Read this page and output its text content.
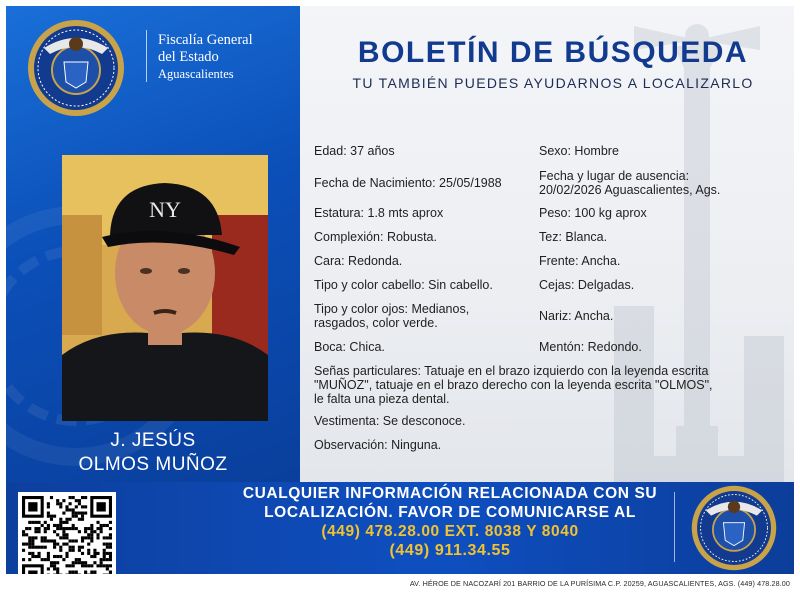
Fiscalía General
del Estado
Aguascalientes
BOLETÍN DE BÚSQUEDA
TU TAMBIÉN PUEDES AYUDARNOS A LOCALIZARLO
NY
J. JESÚS
OLMOS MUÑOZ
Edad: 37 años	Sexo: Hombre
Fecha de Nacimiento: 25/05/1988	Fecha y lugar de ausencia:
20/02/2026 Aguascalientes, Ags.
Estatura: 1.8 mts aprox	Peso: 100 kg aprox
Complexión: Robusta.	Tez: Blanca.
Cara: Redonda.	Frente: Ancha.
Tipo y color cabello: Sin cabello.	Cejas: Delgadas.
Tipo y color ojos: Medianos,
rasgados, color verde.	Nariz: Ancha.
Boca: Chica.	Mentón: Redondo.
Señas particulares: Tatuaje en el brazo izquierdo con la leyenda escrita
"MUÑOZ", tatuaje en el brazo derecho con la leyenda escrita "OLMOS",
le falta una pieza dental.
Vestimenta: Se desconoce.
Observación: Ninguna.
CUALQUIER INFORMACIÓN RELACIONADA CON SU
LOCALIZACIÓN. FAVOR DE COMUNICARSE AL
(449) 478.28.00 EXT. 8038 Y 8040
(449) 911.34.55
AV. HÉROE DE NACOZARÍ 201 BARRIO DE LA PURÍSIMA C.P. 20259, AGUASCALIENTES, AGS. (449) 478.28.00
